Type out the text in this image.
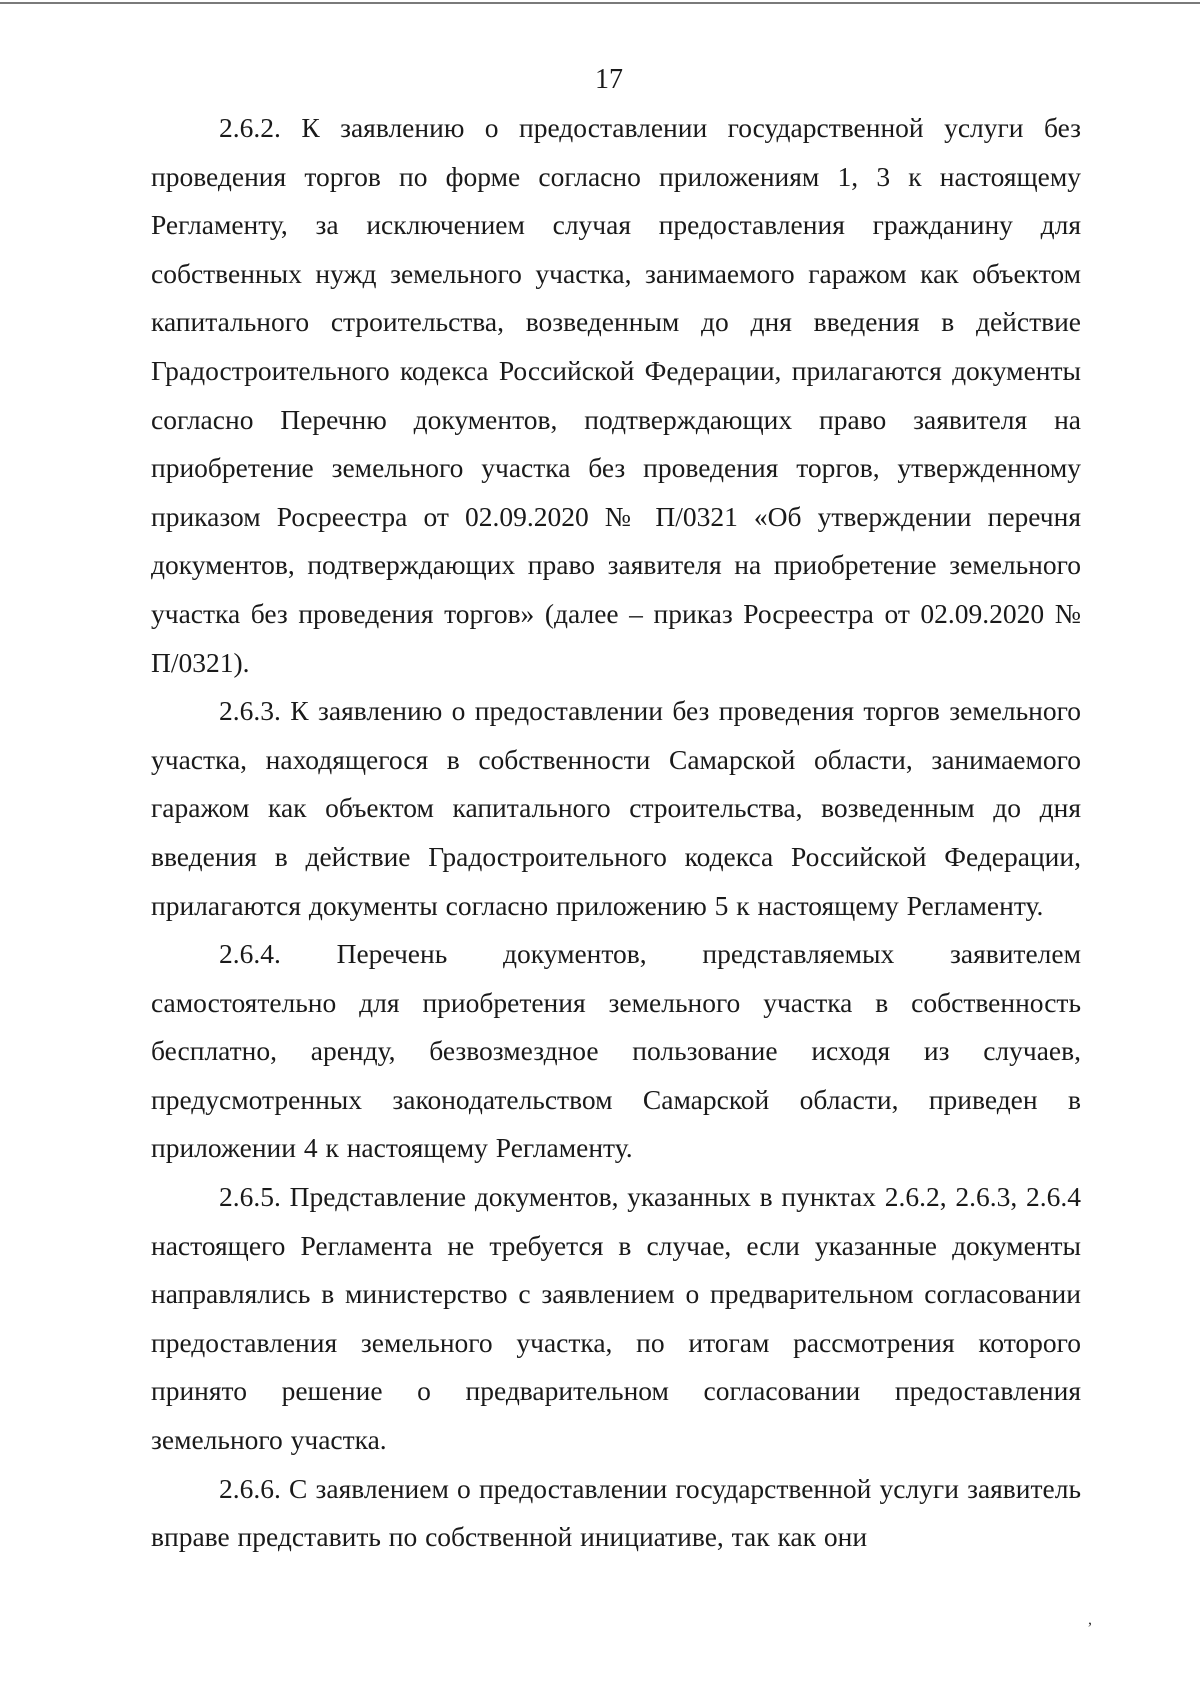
17

2.6.2. К заявлению о предоставлении государственной услуги без проведения торгов по форме согласно приложениям 1, 3 к настоящему Регламенту, за исключением случая предоставления гражданину для собственных нужд земельного участка, занимаемого гаражом как объектом капитального строительства, возведенным до дня введения в действие Градостроительного кодекса Российской Федерации, прилагаются документы согласно Перечню документов, подтверждающих право заявителя на приобретение земельного участка без проведения торгов, утвержденному приказом Росреестра от 02.09.2020 № П/0321 «Об утверждении перечня документов, подтверждающих право заявителя на приобретение земельного участка без проведения торгов» (далее – приказ Росреестра от 02.09.2020 № П/0321).

2.6.3. К заявлению о предоставлении без проведения торгов земельного участка, находящегося в собственности Самарской области, занимаемого гаражом как объектом капитального строительства, возведенным до дня введения в действие Градостроительного кодекса Российской Федерации, прилагаются документы согласно приложению 5 к настоящему Регламенту.

2.6.4. Перечень документов, представляемых заявителем самостоятельно для приобретения земельного участка в собственность бесплатно, аренду, безвозмездное пользование исходя из случаев, предусмотренных законодательством Самарской области, приведен в приложении 4 к настоящему Регламенту.

2.6.5. Представление документов, указанных в пунктах 2.6.2, 2.6.3, 2.6.4 настоящего Регламента не требуется в случае, если указанные документы направлялись в министерство с заявлением о предварительном согласовании предоставления земельного участка, по итогам рассмотрения которого принято решение о предварительном согласовании предоставления земельного участка.

2.6.6. С заявлением о предоставлении государственной услуги заявитель вправе представить по собственной инициативе, так как они

,
